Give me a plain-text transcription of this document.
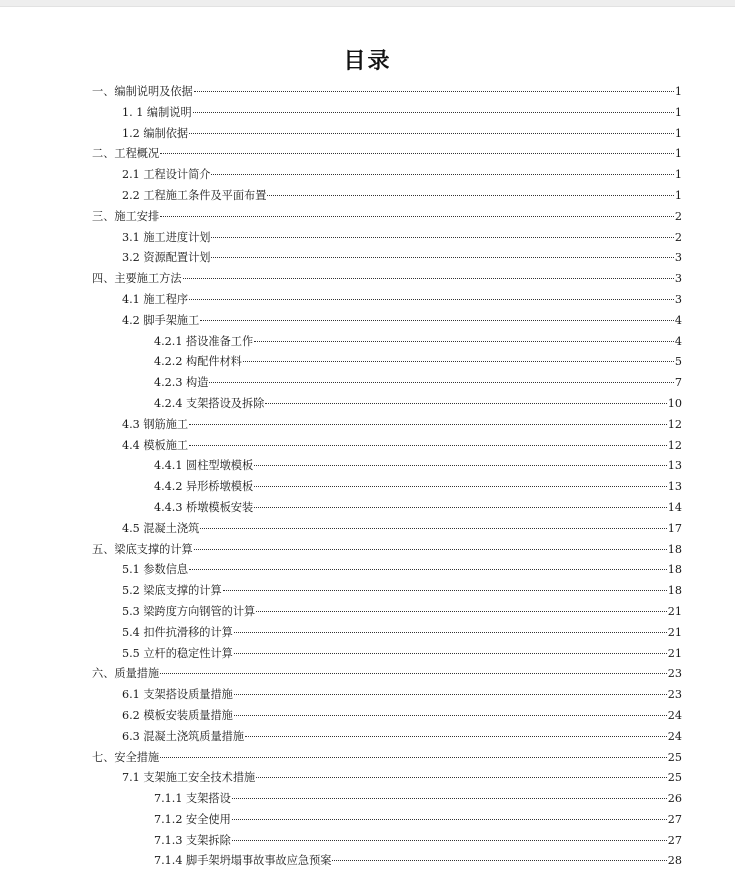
目录
一、编制说明及依据	1
1. 1 编制说明	1
1.2 编制依据	1
二、工程概况	1
2.1 工程设计简介	1
2.2 工程施工条件及平面布置	1
三、施工安排	2
3.1 施工进度计划	2
3.2 资源配置计划	3
四、主要施工方法	3
4.1 施工程序	3
4.2 脚手架施工	4
4.2.1 搭设准备工作	4
4.2.2 构配件材料	5
4.2.3 构造	7
4.2.4 支架搭设及拆除	10
4.3 钢筋施工	12
4.4 模板施工	12
4.4.1 圆柱型墩模板	13
4.4.2 异形桥墩模板	13
4.4.3 桥墩模板安装	14
4.5 混凝土浇筑	17
五、梁底支撑的计算	18
5.1 参数信息	18
5.2 梁底支撑的计算	18
5.3 梁跨度方向钢管的计算	21
5.4 扣件抗滑移的计算	21
5.5 立杆的稳定性计算	21
六、质量措施	23
6.1 支架搭设质量措施	23
6.2 模板安装质量措施	24
6.3 混凝土浇筑质量措施	24
七、安全措施	25
7.1 支架施工安全技术措施	25
7.1.1 支架搭设	26
7.1.2 安全使用	27
7.1.3 支架拆除	27
7.1.4 脚手架坍塌事故事故应急预案	28
